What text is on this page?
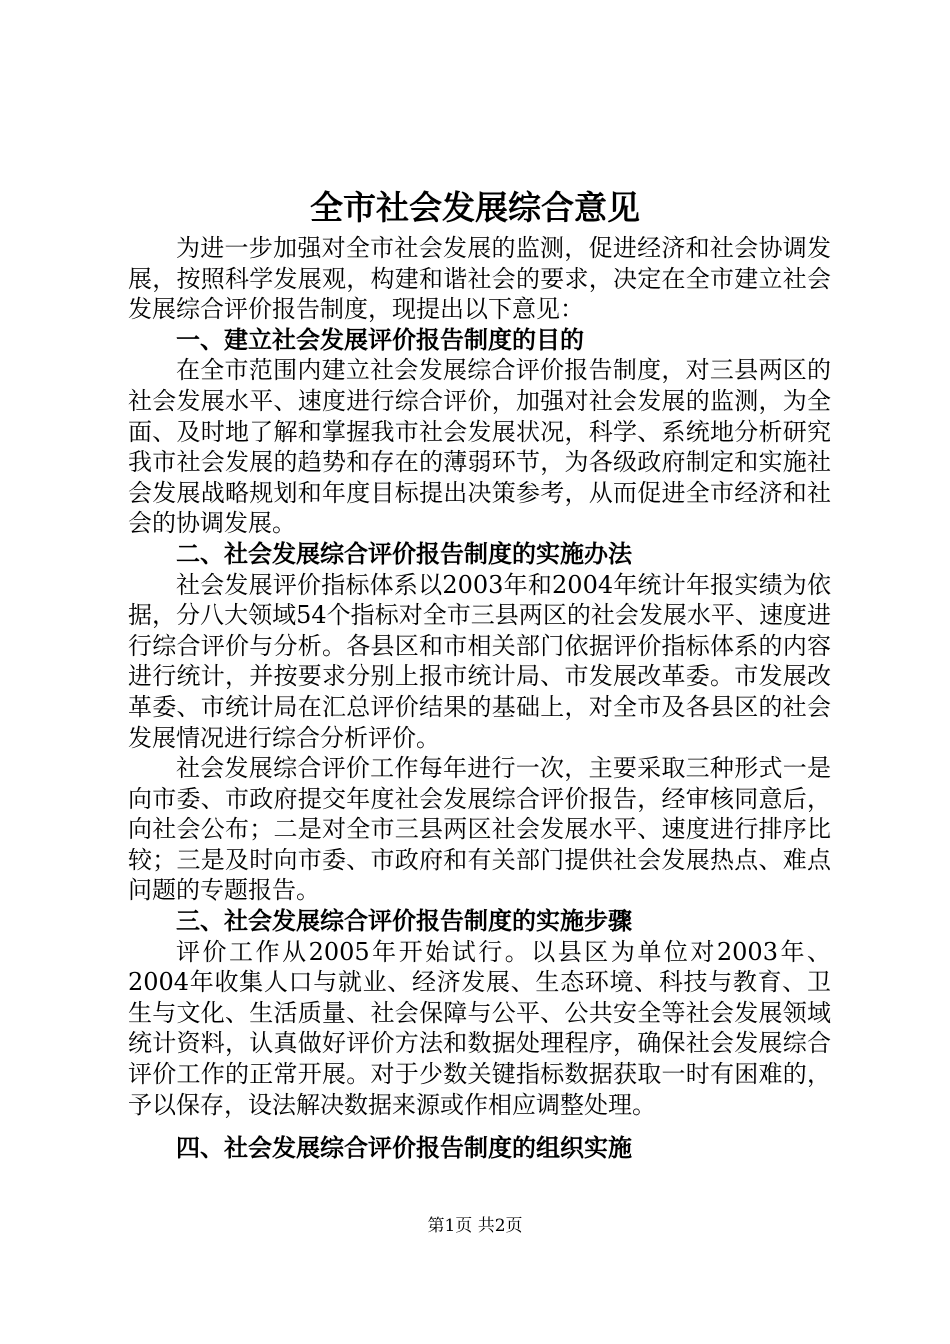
全市社会发展综合意见

为进一步加强对全市社会发展的监测，促进经济和社会协调发展，按照科学发展观，构建和谐社会的要求，决定在全市建立社会发展综合评价报告制度，现提出以下意见：

一、建立社会发展评价报告制度的目的

在全市范围内建立社会发展综合评价报告制度，对三县两区的社会发展水平、速度进行综合评价，加强对社会发展的监测，为全面、及时地了解和掌握我市社会发展状况，科学、系统地分析研究我市社会发展的趋势和存在的薄弱环节，为各级政府制定和实施社会发展战略规划和年度目标提出决策参考，从而促进全市经济和社会的协调发展。

二、社会发展综合评价报告制度的实施办法

社会发展评价指标体系以2003年和2004年统计年报实绩为依据，分八大领域54个指标对全市三县两区的社会发展水平、速度进行综合评价与分析。各县区和市相关部门依据评价指标体系的内容进行统计，并按要求分别上报市统计局、市发展改革委。市发展改革委、市统计局在汇总评价结果的基础上，对全市及各县区的社会发展情况进行综合分析评价。

社会发展综合评价工作每年进行一次，主要采取三种形式一是向市委、市政府提交年度社会发展综合评价报告，经审核同意后，向社会公布；二是对全市三县两区社会发展水平、速度进行排序比较；三是及时向市委、市政府和有关部门提供社会发展热点、难点问题的专题报告。

三、社会发展综合评价报告制度的实施步骤

评价工作从2005年开始试行。以县区为单位对2003年、2004年收集人口与就业、经济发展、生态环境、科技与教育、卫生与文化、生活质量、社会保障与公平、公共安全等社会发展领域统计资料，认真做好评价方法和数据处理程序，确保社会发展综合评价工作的正常开展。对于少数关键指标数据获取一时有困难的，予以保存，设法解决数据来源或作相应调整处理。

四、社会发展综合评价报告制度的组织实施
第1页 共2页
